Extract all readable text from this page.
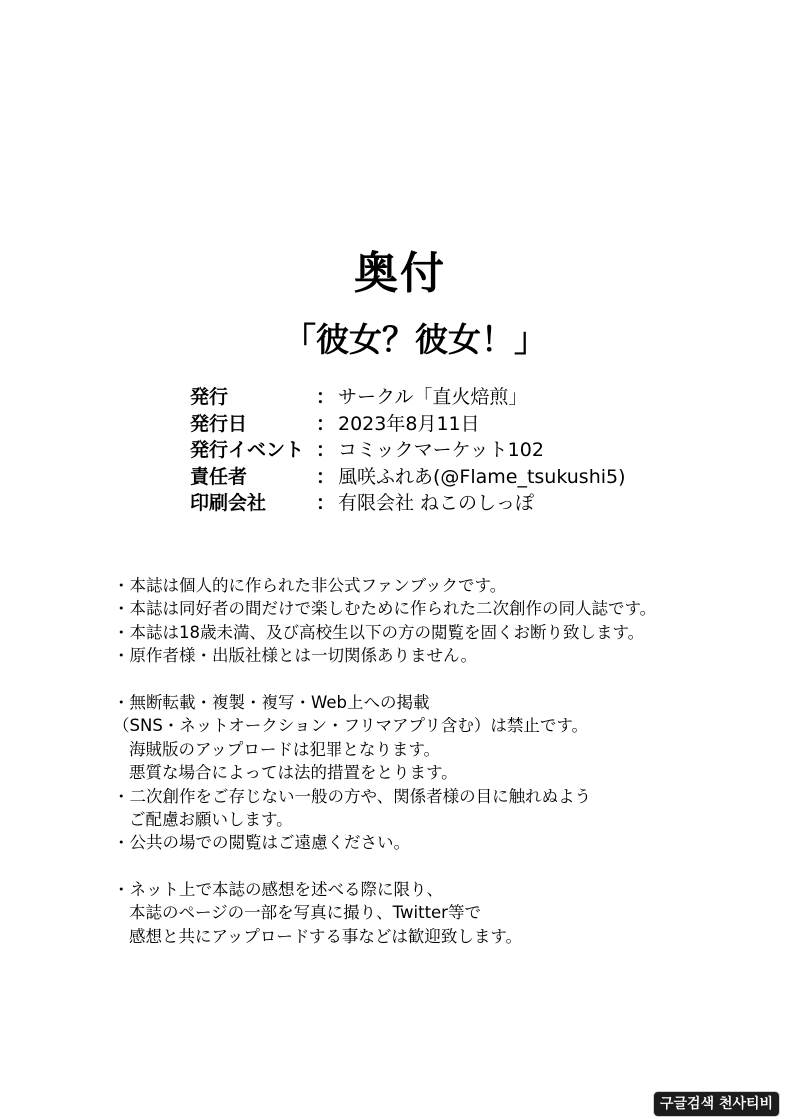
奥付
「彼女？彼女！」
発行	： サークル「直火焙煎」
発行日	： 2023年8月11日
発行イベント ： コミックマーケット102
責任者	： 風咲ふれあ(@Flame_tsukushi5)
印刷会社	： 有限会社 ねこのしっぽ
・本誌は個人的に作られた非公式ファンブックです。
・本誌は同好者の間だけで楽しむために作られた二次創作の同人誌です。
・本誌は18歳未満、及び高校生以下の方の閲覧を固くお断り致します。
・原作者様・出版社様とは一切関係ありません。
・無断転載・複製・複写・Web上への掲載
（SNS・ネットオークション・フリマアプリ含む）は禁止です。
海賊版のアップロードは犯罪となります。
悪質な場合によっては法的措置をとります。
・二次創作をご存じない一般の方や、関係者様の目に触れぬよう
ご配慮お願いします。
・公共の場での閲覧はご遠慮ください。
・ネット上で本誌の感想を述べる際に限り、
本誌のページの一部を写真に撮り、Twitter等で
感想と共にアップロードする事などは歓迎致します。
구글검색 천사티비
